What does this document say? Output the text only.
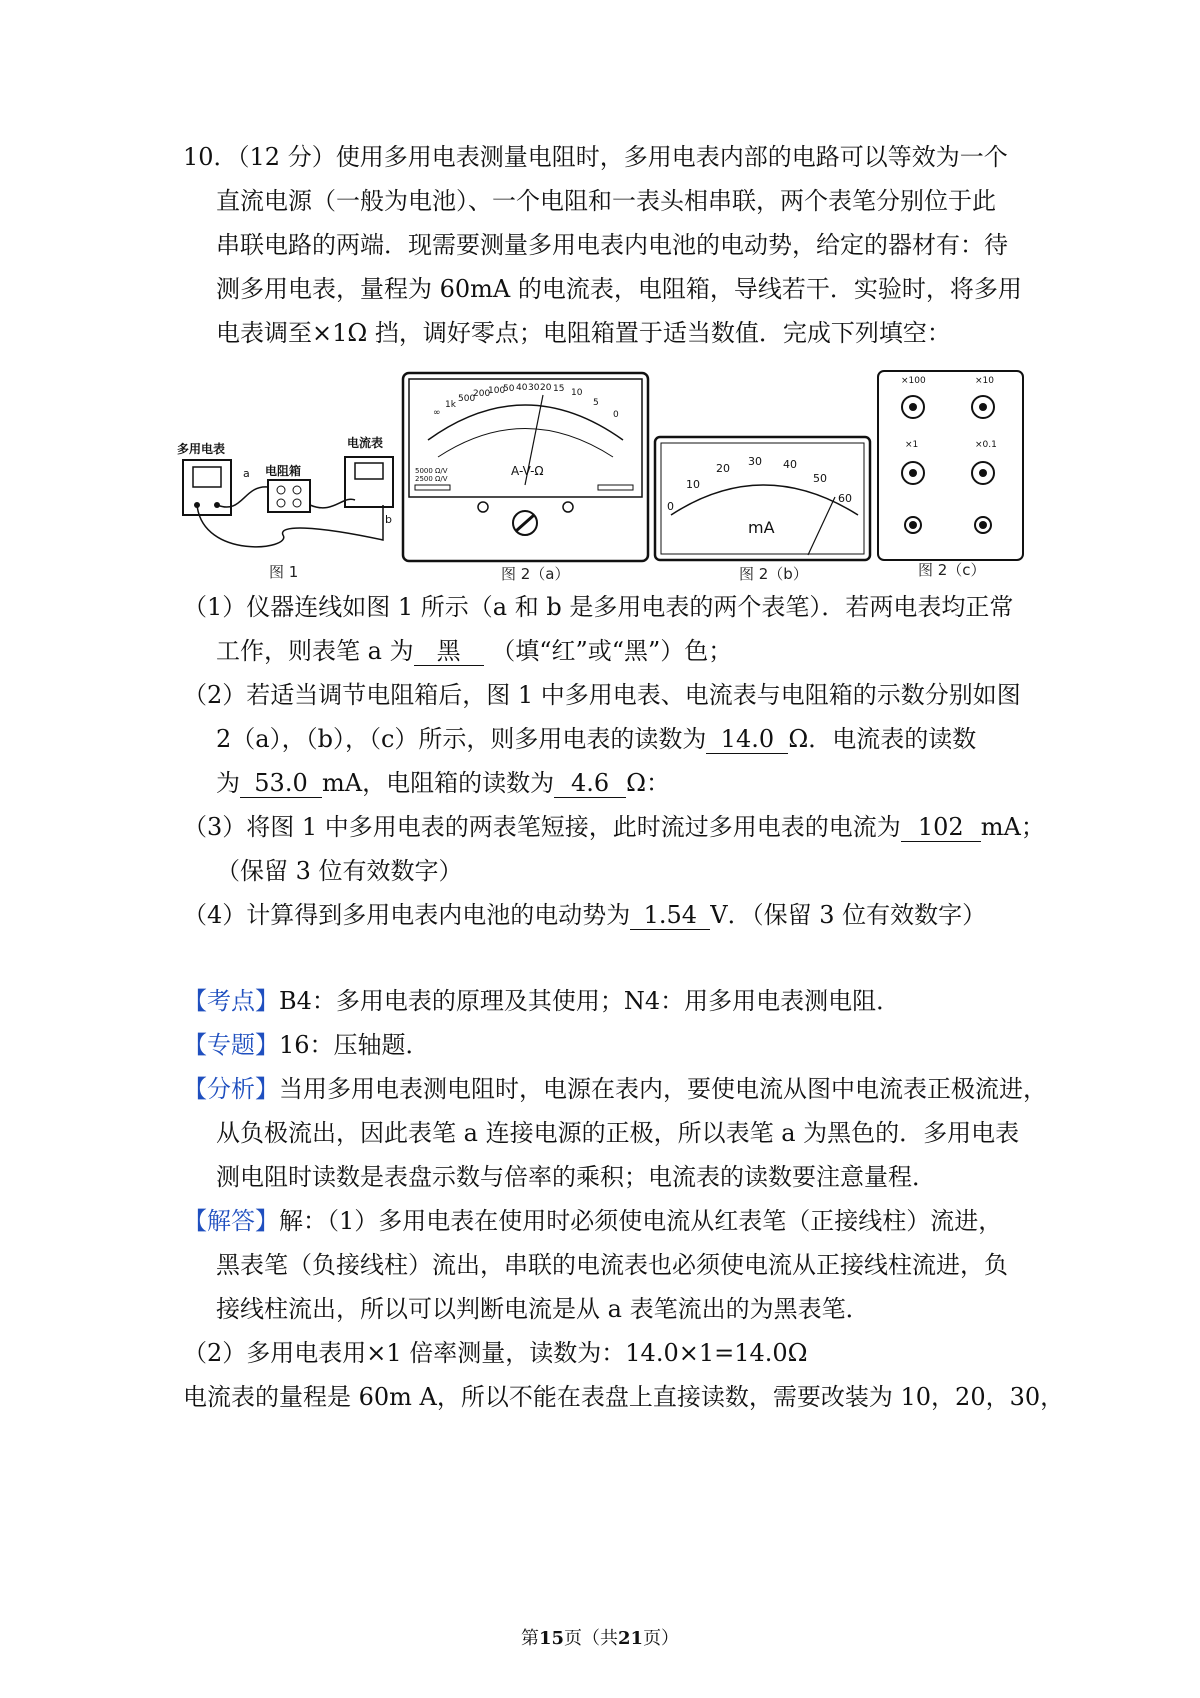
10．（12 分）使用多用电表测量电阻时，多用电表内部的电路可以等效为一个
直流电源（一般为电池）、一个电阻和一表头相串联，两个表笔分别位于此
串联电路的两端．现需要测量多用电表内电池的电动势，给定的器材有：待
测多用电表，量程为 60mA 的电流表，电阻箱，导线若干．实验时，将多用
电表调至×1Ω 挡，调好零点；电阻箱置于适当数值．完成下列填空：
多用电表
电阻箱
电流表
a
b
图 1
∞
1k
500
200
100
50 40 30 20 15 10
5
0
A-V-Ω
5000 Ω/V
2500 Ω/V
图 2（a）
0
10
20
30 40
50
60
mA
图 2（b）
×100	×10
×1	×0.1
图 2（c）
（1）仪器连线如图 1 所示（a 和 b 是多用电表的两个表笔）．若两电表均正常
工作，则表笔 a 为 黑 （填“红”或“黑”）色；
（2）若适当调节电阻箱后，图 1 中多用电表、电流表与电阻箱的示数分别如图
2（a），（b），（c）所示，则多用电表的读数为 14.0 Ω．电流表的读数
为 53.0 mA，电阻箱的读数为 4.6 Ω：
（3）将图 1 中多用电表的两表笔短接，此时流过多用电表的电流为 102 mA；
（保留 3 位有效数字）
（4）计算得到多用电表内电池的电动势为 1.54 V．（保留 3 位有效数字）
【考点】B4：多用电表的原理及其使用；N4：用多用电表测电阻．
【专题】16：压轴题．
【分析】当用多用电表测电阻时，电源在表内，要使电流从图中电流表正极流进，
从负极流出，因此表笔 a 连接电源的正极，所以表笔 a 为黑色的．多用电表
测电阻时读数是表盘示数与倍率的乘积；电流表的读数要注意量程．
【解答】解：（1）多用电表在使用时必须使电流从红表笔（正接线柱）流进，
黑表笔（负接线柱）流出，串联的电流表也必须使电流从正接线柱流进，负
接线柱流出，所以可以判断电流是从 a 表笔流出的为黑表笔．
（2）多用电表用×1 倍率测量，读数为：14.0×1=14.0Ω
电流表的量程是 60m A，所以不能在表盘上直接读数，需要改装为 10，20，30，
第15页（共21页）
